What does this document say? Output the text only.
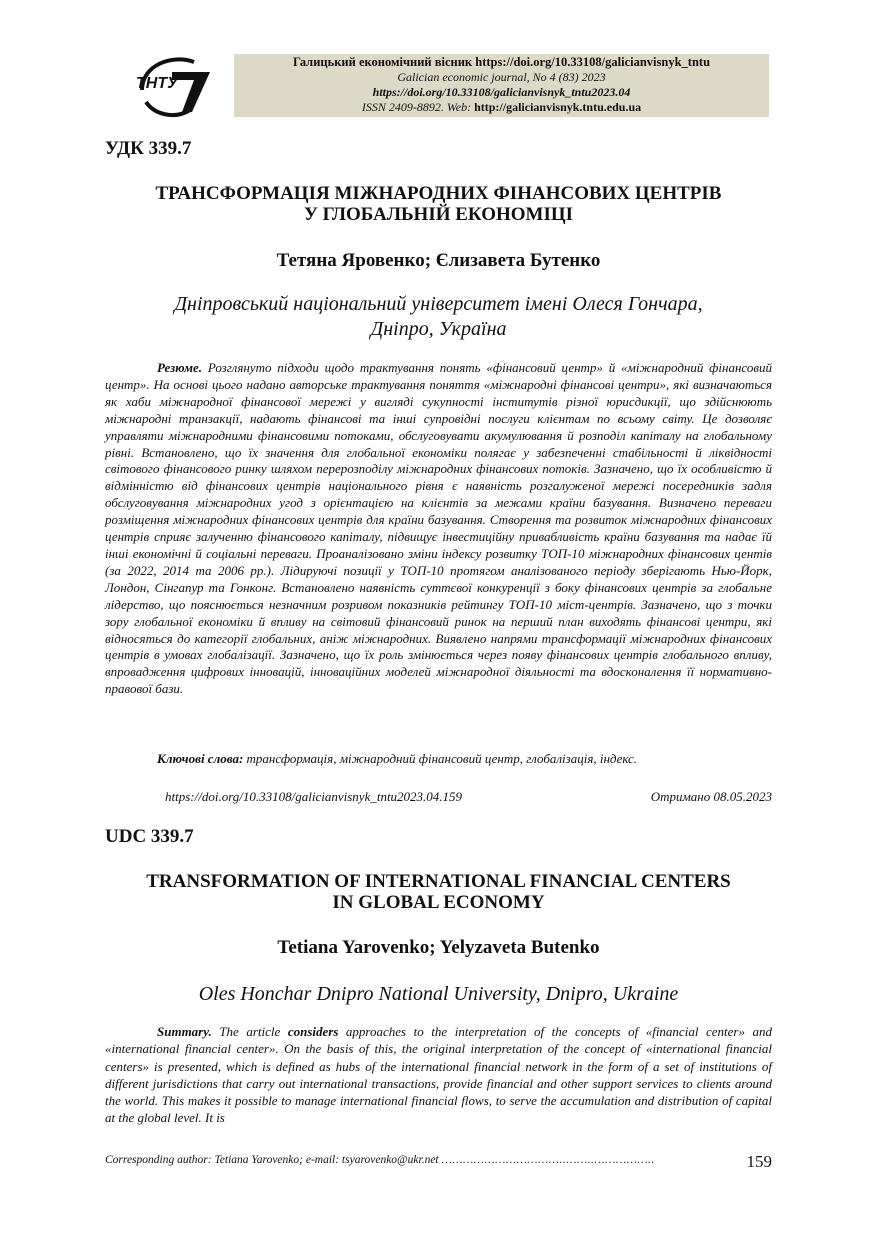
ТНТУ
Галицький економічний вісник https://doi.org/10.33108/galicianvisnyk_tntu
Galician economic journal, No 4 (83) 2023
https://doi.org/10.33108/galicianvisnyk_tntu2023.04
ISSN 2409-8892. Web: http://galicianvisnyk.tntu.edu.ua
УДК 339.7
ТРАНСФОРМАЦІЯ МІЖНАРОДНИХ ФІНАНСОВИХ ЦЕНТРІВ
У ГЛОБАЛЬНІЙ ЕКОНОМІЦІ
Тетяна Яровенко; Єлизавета Бутенко
Дніпровський національний університет імені Олеся Гончара,
Дніпро, Україна
Резюме. Розглянуто підходи щодо трактування понять «фінансовий центр» й «міжнародний фінансовий центр». На основі цього надано авторське трактування поняття «міжнародні фінансові центри», які визначаються як хаби міжнародної фінансової мережі у вигляді сукупності інститутів різної юрисдикції, що здійснюють міжнародні транзакції, надають фінансові та інші супровідні послуги клієнтам по всьому світу. Це дозволяє управляти міжнародними фінансовими потоками, обслуговувати акумулювання й розподіл капіталу на глобальному рівні. Встановлено, що їх значення для глобальної економіки полягає у забезпеченні стабільності й ліквідності світового фінансового ринку шляхом перерозподілу міжнародних фінансових потоків. Зазначено, що їх особливістю й відмінністю від фінансових центрів національного рівня є наявність розгалуженої мережі посередників задля обслуговування міжнародних угод з орієнтацією на клієнтів за межами країни базування. Визначено переваги розміщення міжнародних фінансових центрів для країни базування. Створення та розвиток міжнародних фінансових центрів сприяє залученню фінансового капіталу, підвищує інвестиційну привабливість країни базування та надає їй інші економічні й соціальні переваги. Проаналізовано зміни індексу розвитку ТОП-10 міжнародних фінансових центів (за 2022, 2014 та 2006 рр.). Лідируючі позиції у ТОП-10 протягом аналізованого періоду зберігають Нью-Йорк, Лондон, Сінгапур та Гонконг. Встановлено наявність суттєвої конкуренції з боку фінансових центрів за глобальне лідерство, що пояснюється незначним розривом показників рейтингу ТОП-10 міст-центрів. Зазначено, що з точки зору глобальної економіки й впливу на світовий фінансовий ринок на перший план виходять фінансові центри, які відносяться до категорії глобальних, аніж міжнародних. Виявлено напрями трансформації міжнародних фінансових центрів в умовах глобалізації. Зазначено, що їх роль змінюється через появу фінансових центрів глобального впливу, впровадження цифрових інновацій, інноваційних моделей міжнародної діяльності та вдосконалення її нормативно-правової бази.
Ключові слова: трансформація, міжнародний фінансовий центр, глобалізація, індекс.
https://doi.org/10.33108/galicianvisnyk_tntu2023.04.159	Отримано 08.05.2023
UDC 339.7
TRANSFORMATION OF INTERNATIONAL FINANCIAL CENTERS
IN GLOBAL ECONOMY
Tetiana Yarovenko; Yelyzaveta Butenko
Oles Honchar Dnipro National University, Dnipro, Ukraine
Summary. The article considers approaches to the interpretation of the concepts of «financial center» and «international financial center». On the basis of this, the original interpretation of the concept of «international financial centers» is presented, which is defined as hubs of the international financial network in the form of a set of institutions of different jurisdictions that carry out international transactions, provide financial and other support services to clients around the world. This makes it possible to manage international financial flows, to serve the accumulation and distribution of capital at the global level. It is
Corresponding author: Tetiana Yarovenko; e-mail: tsyarovenko@ukr.net ……………………………..……..……………..	159
